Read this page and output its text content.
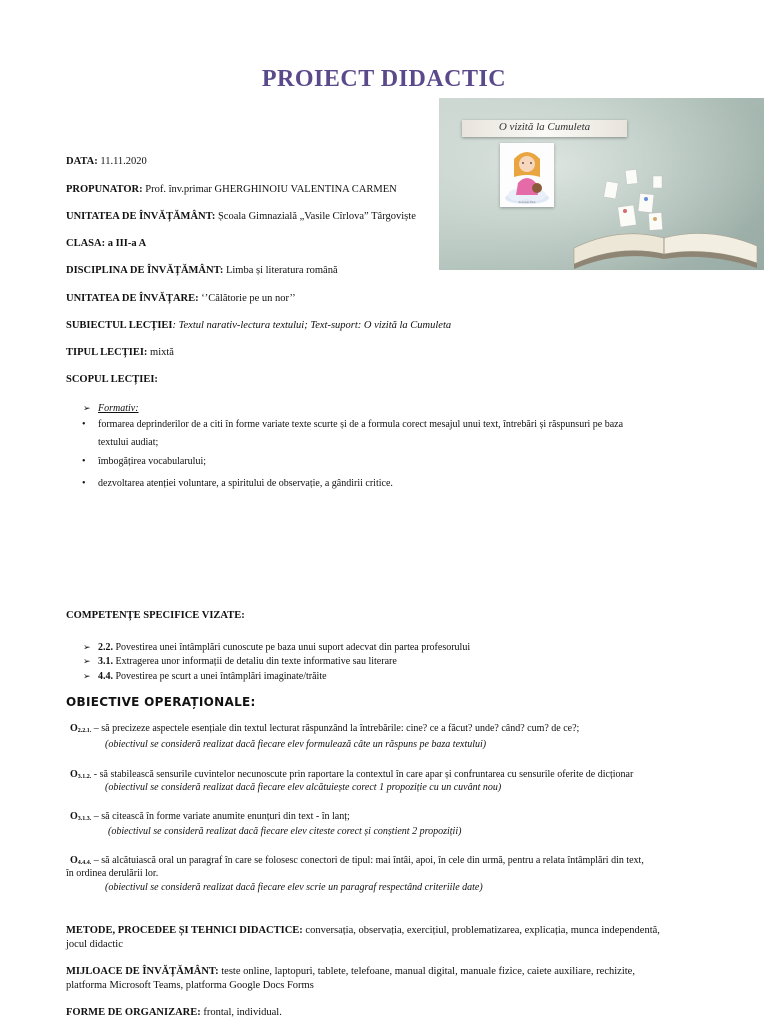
PROIECT DIDACTIC
O vizită la Cumuleta
de Ioana Nicu
DATA: 11.11.2020
PROPUNATOR: Prof. înv.primar GHERGHINOIU VALENTINA CARMEN
UNITATEA DE ÎNVĂȚĂMÂNT: Școala Gimnazială „Vasile Cîrlova” Târgoviște
CLASA: a III-a A
DISCIPLINA DE ÎNVĂȚĂMÂNT: Limba și literatura română
UNITATEA DE ÎNVĂȚARE: ‘’Călătorie pe un nor’’
SUBIECTUL LECȚIEI: Textul narativ-lectura textului; Text-suport: O vizită la Cumuleta
TIPUL LECȚIEI: mixtă
SCOPUL LECȚIEI:
➢ Formativ:
• formarea deprinderilor de a citi în forme variate texte scurte și de a formula corect mesajul unui text, întrebări și răspunsuri pe baza
textului audiat;
• îmbogățirea vocabularului;
• dezvoltarea atenției voluntare, a spiritului de observație, a gândirii critice.
COMPETENȚE SPECIFICE VIZATE:
➢ 2.2. Povestirea unei întâmplări cunoscute pe baza unui suport adecvat din partea profesorului
➢ 3.1. Extragerea unor informații de detaliu din texte informative sau literare
➢ 4.4. Povestirea pe scurt a unei întâmplări imaginate/trăite
OBIECTIVE OPERAȚIONALE:
O2.2.1. – să precizeze aspectele esențiale din textul lecturat răspunzând la întrebările: cine? ce a făcut? unde? când? cum? de ce?;
(obiectivul se consideră realizat dacă fiecare elev formulează câte un răspuns pe baza textului)
O3.1.2. - să stabilească sensurile cuvintelor necunoscute prin raportare la contextul în care apar și confruntarea cu sensurile oferite de dicționar
(obiectivul se consideră realizat dacă fiecare elev alcătuiește corect 1 propoziție cu un cuvânt nou)
O3.1.3. – să citească în forme variate anumite enunțuri din text - în lanț;
(obiectivul se consideră realizat dacă fiecare elev citeste corect și conștient 2 propoziții)
O4.4.4. – să alcătuiască oral un paragraf în care se folosesc conectori de tipul: mai întâi, apoi, în cele din urmă, pentru a relata întâmplări din text,
în ordinea derulării lor.
(obiectivul se consideră realizat dacă fiecare elev scrie un paragraf respectând criteriile date)
METODE, PROCEDEE ȘI TEHNICI DIDACTICE: conversația, observația, exercițiul, problematizarea, explicația, munca independentă,
jocul didactic
MIJLOACE DE ÎNVĂȚĂMÂNT: teste online, laptopuri, tablete, telefoane, manual digital, manuale fizice, caiete auxiliare, rechizite,
platforma Microsoft Teams, platforma Google Docs Forms
FORME DE ORGANIZARE: frontal, individual.
